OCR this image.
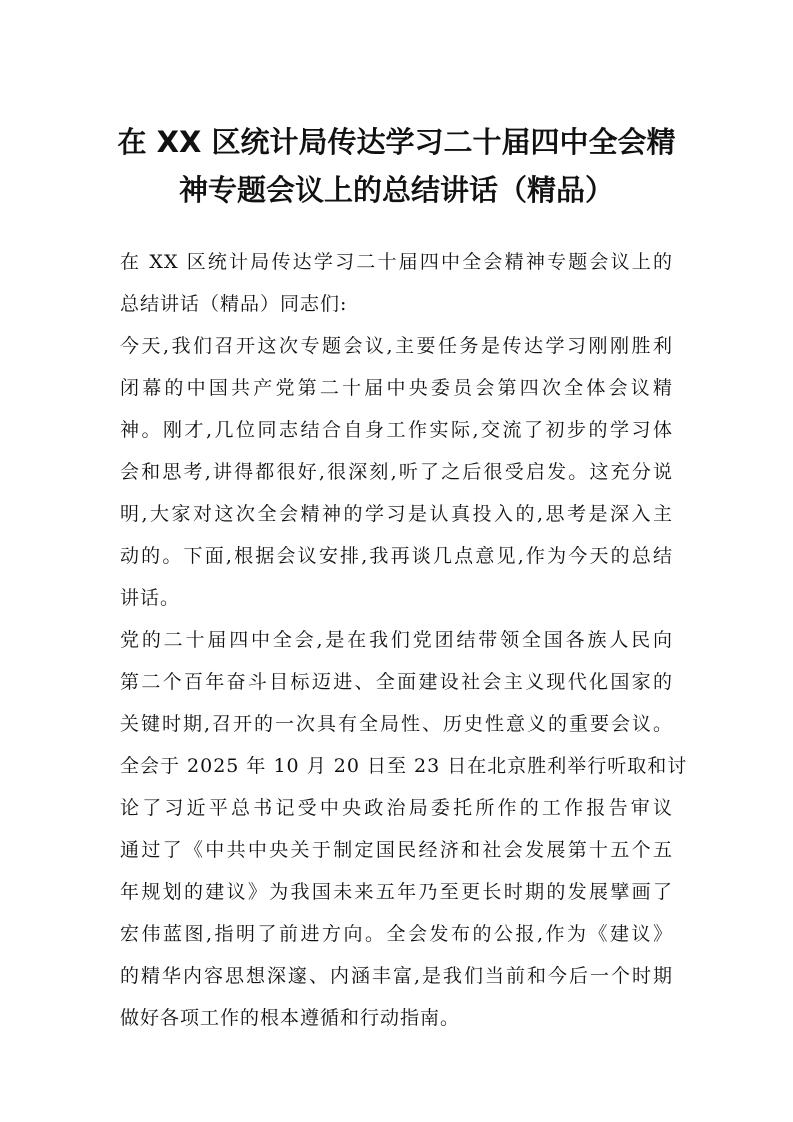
在 XX 区统计局传达学习二十届四中全会精
神专题会议上的总结讲话（精品）
在 XX 区统计局传达学习二十届四中全会精神专题会议上的
总结讲话（精品）同志们:
今天,我们召开这次专题会议,主要任务是传达学习刚刚胜利
闭幕的中国共产党第二十届中央委员会第四次全体会议精
神。刚才,几位同志结合自身工作实际,交流了初步的学习体
会和思考,讲得都很好,很深刻,听了之后很受启发。这充分说
明,大家对这次全会精神的学习是认真投入的,思考是深入主
动的。下面,根据会议安排,我再谈几点意见,作为今天的总结
讲话。
党的二十届四中全会,是在我们党团结带领全国各族人民向
第二个百年奋斗目标迈进、全面建设社会主义现代化国家的
关键时期,召开的一次具有全局性、历史性意义的重要会议。
全会于 2025 年 10 月 20 日至 23 日在北京胜利举行听取和讨
论了习近平总书记受中央政治局委托所作的工作报告审议
通过了《中共中央关于制定国民经济和社会发展第十五个五
年规划的建议》为我国未来五年乃至更长时期的发展擘画了
宏伟蓝图,指明了前进方向。全会发布的公报,作为《建议》
的精华内容思想深邃、内涵丰富,是我们当前和今后一个时期
做好各项工作的根本遵循和行动指南。
